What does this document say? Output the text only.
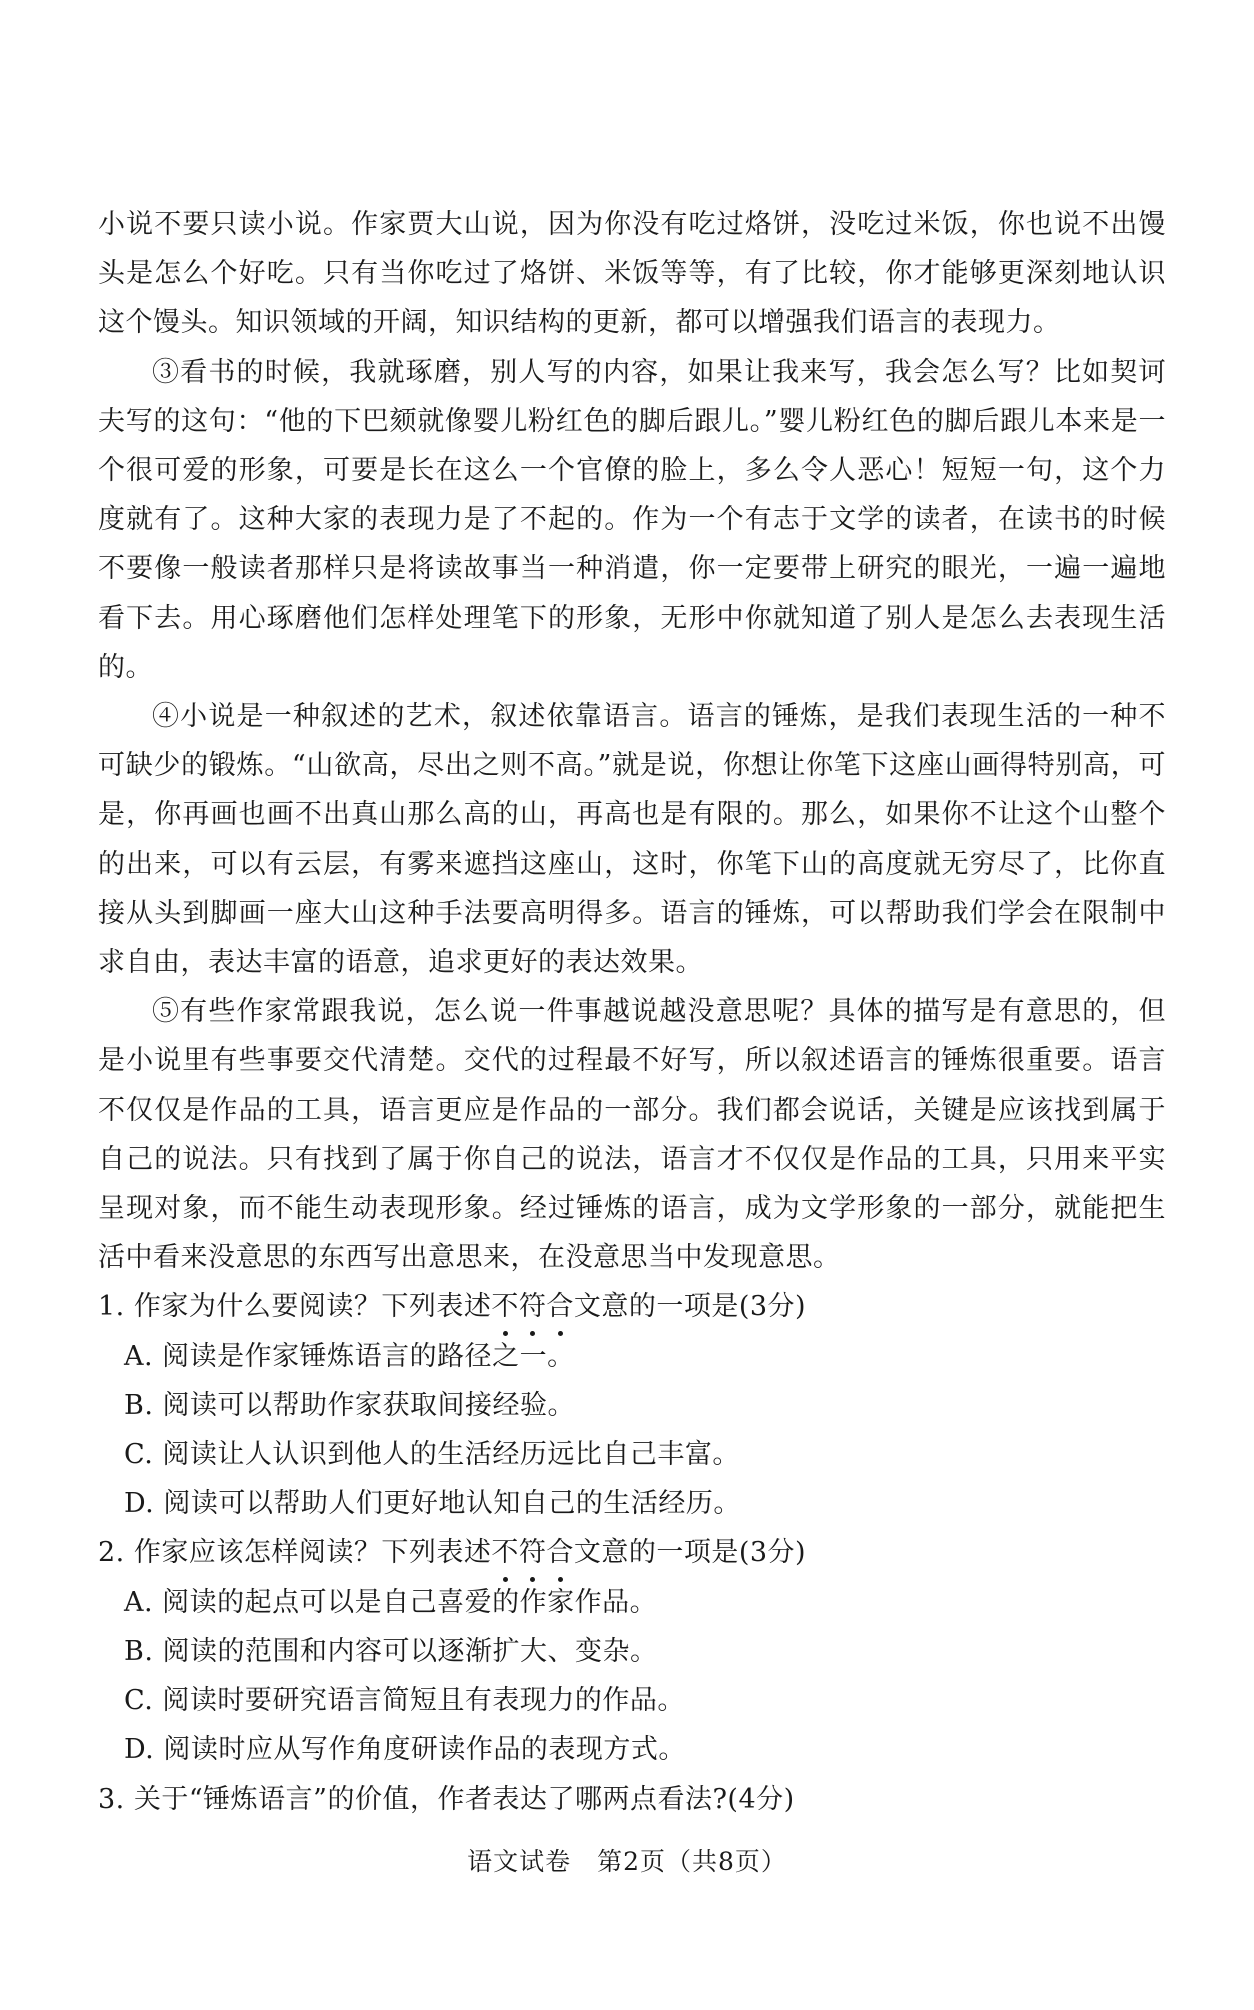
小说不要只读小说。作家贾大山说，因为你没有吃过烙饼，没吃过米饭，你也说不出馒头是怎么个好吃。只有当你吃过了烙饼、米饭等等，有了比较，你才能够更深刻地认识这个馒头。知识领域的开阔，知识结构的更新，都可以增强我们语言的表现力。

③看书的时候，我就琢磨，别人写的内容，如果让我来写，我会怎么写？比如契诃夫写的这句：“他的下巴颏就像婴儿粉红色的脚后跟儿。”婴儿粉红色的脚后跟儿本来是一个很可爱的形象，可要是长在这么一个官僚的脸上，多么令人恶心！短短一句，这个力度就有了。这种大家的表现力是了不起的。作为一个有志于文学的读者，在读书的时候不要像一般读者那样只是将读故事当一种消遣，你一定要带上研究的眼光，一遍一遍地看下去。用心琢磨他们怎样处理笔下的形象，无形中你就知道了别人是怎么去表现生活的。

④小说是一种叙述的艺术，叙述依靠语言。语言的锤炼，是我们表现生活的一种不可缺少的锻炼。“山欲高，尽出之则不高。”就是说，你想让你笔下这座山画得特别高，可是，你再画也画不出真山那么高的山，再高也是有限的。那么，如果你不让这个山整个的出来，可以有云层，有雾来遮挡这座山，这时，你笔下山的高度就无穷尽了，比你直接从头到脚画一座大山这种手法要高明得多。语言的锤炼，可以帮助我们学会在限制中求自由，表达丰富的语意，追求更好的表达效果。

⑤有些作家常跟我说，怎么说一件事越说越没意思呢？具体的描写是有意思的，但是小说里有些事要交代清楚。交代的过程最不好写，所以叙述语言的锤炼很重要。语言不仅仅是作品的工具，语言更应是作品的一部分。我们都会说话，关键是应该找到属于自己的说法。只有找到了属于你自己的说法，语言才不仅仅是作品的工具，只用来平实呈现对象，而不能生动表现形象。经过锤炼的语言，成为文学形象的一部分，就能把生活中看来没意思的东西写出意思来，在没意思当中发现意思。

1. 作家为什么要阅读？下列表述不符合文意的一项是(3分)

A. 阅读是作家锤炼语言的路径之一。

B. 阅读可以帮助作家获取间接经验。

C. 阅读让人认识到他人的生活经历远比自己丰富。

D. 阅读可以帮助人们更好地认知自己的生活经历。

2. 作家应该怎样阅读？下列表述不符合文意的一项是(3分)

A. 阅读的起点可以是自己喜爱的作家作品。

B. 阅读的范围和内容可以逐渐扩大、变杂。

C. 阅读时要研究语言简短且有表现力的作品。

D. 阅读时应从写作角度研读作品的表现方式。

3. 关于“锤炼语言”的价值，作者表达了哪两点看法?(4分)

语文试卷　第2页（共8页）
